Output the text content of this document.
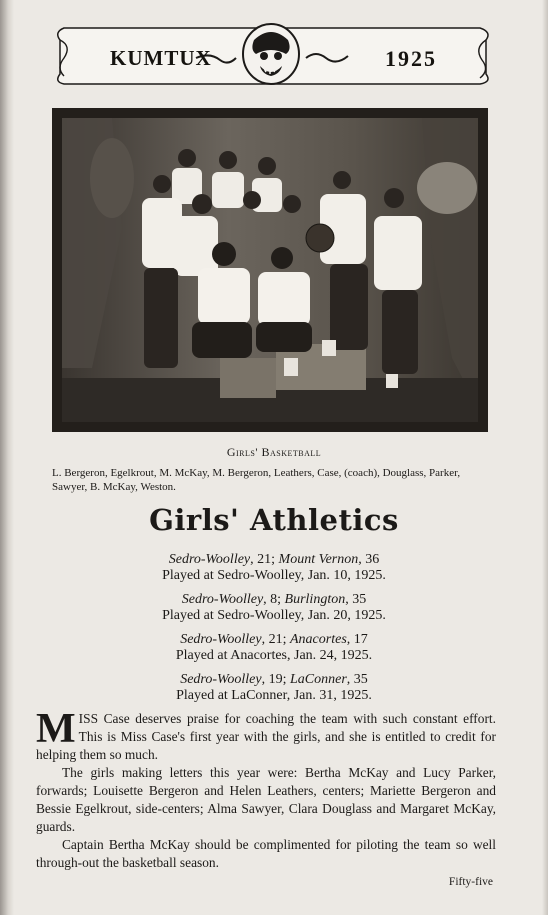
KUMTUX	1925
Girls' Basketball
L. Bergeron, Egelkrout, M. McKay, M. Bergeron, Leathers, Case, (coach), Douglass, Parker, Sawyer, B. McKay, Weston.
Girls' Athletics
Sedro-Woolley, 21; Mount Vernon, 36
Played at Sedro-Woolley, Jan. 10, 1925.
Sedro-Woolley, 8; Burlington, 35
Played at Sedro-Woolley, Jan. 20, 1925.
Sedro-Woolley, 21; Anacortes, 17
Played at Anacortes, Jan. 24, 1925.
Sedro-Woolley, 19; LaConner, 35
Played at LaConner, Jan. 31, 1925.

MISS Case deserves praise for coaching the team with such constant effort. This is Miss Case's first year with the girls, and she is entitled to credit for helping them so much.

The girls making letters this year were: Bertha McKay and Lucy Parker, forwards; Louisette Bergeron and Helen Leathers, centers; Mariette Bergeron and Bessie Egelkrout, side-centers; Alma Sawyer, Clara Douglass and Margaret McKay, guards.

Captain Bertha McKay should be complimented for piloting the team so well through-out the basketball season.

Fifty-five
